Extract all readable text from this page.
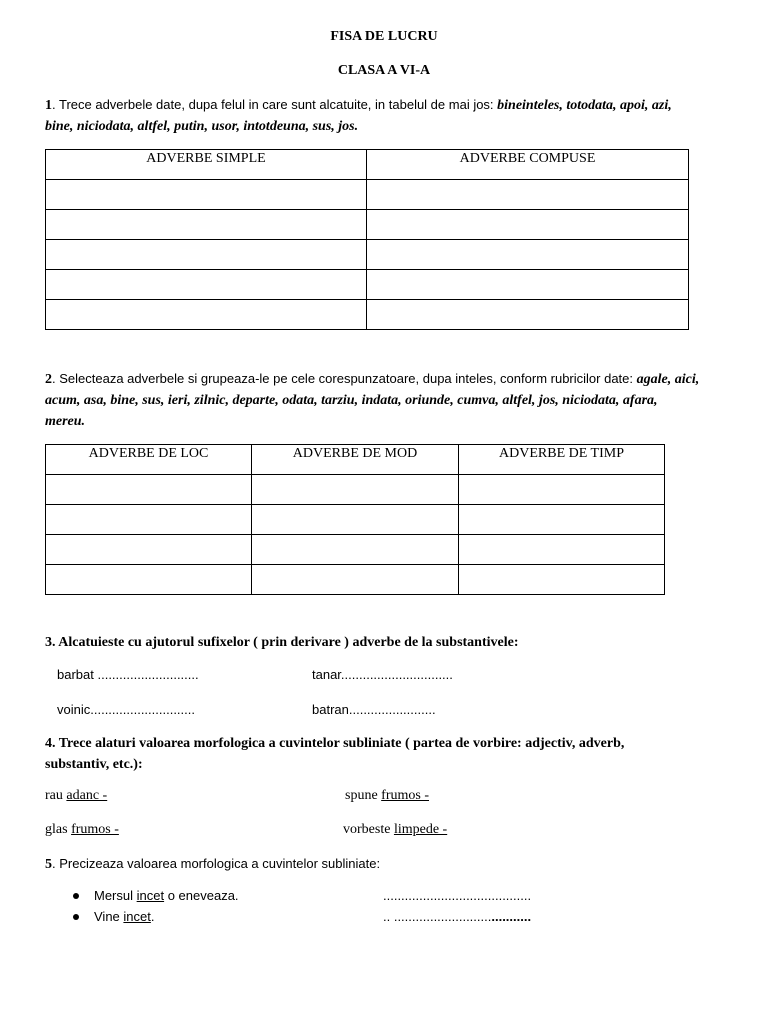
FISA DE LUCRU
CLASA A VI-A
1. Trece adverbele date, dupa felul in care sunt alcatuite, in tabelul de mai jos: bineinteles, totodata, apoi, azi,
bine, niciodata, altfel, putin, usor, intotdeuna, sus, jos.
ADVERBE SIMPLE	ADVERBE COMPUSE

2. Selecteaza adverbele si grupeaza-le pe cele corespunzatoare, dupa inteles, conform rubricilor date: agale, aici,
acum, asa, bine, sus, ieri, zilnic, departe, odata, tarziu, indata, oriunde, cumva, altfel, jos, niciodata, afara,
mereu.
ADVERBE DE LOC	ADVERBE DE MOD	ADVERBE DE TIMP

3. Alcatuieste cu ajutorul sufixelor ( prin derivare ) adverbe de la substantivele:
barbat ............................	tanar...............................
voinic.............................	batran........................
4. Trece alaturi valoarea morfologica a cuvintelor subliniate ( partea de vorbire: adjectiv, adverb,
substantiv, etc.):
rau adanc -	spune frumos -
glas frumos -	vorbeste limpede -
5. Precizeaza valoarea morfologica a cuvintelor subliniate:
Mersul incet o eneveaza.	.........................................
Vine incet.	.. ......................................
